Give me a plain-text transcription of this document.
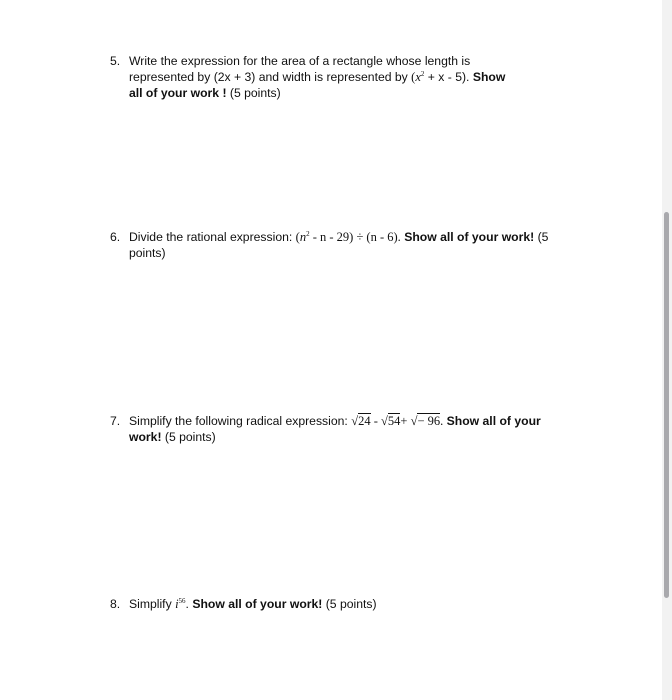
5. Write the expression for the area of a rectangle whose length is
represented by (2x + 3) and width is represented by $(x^2 + x - 5)$. Show
all of your work ! (5 points)
6. Divide the rational expression: $(n^2 - n - 29) \div (n - 6)$. Show all of your work! (5
points)
7. Simplify the following radical expression: √24 - √54+ √− 96. Show all of your
work! (5 points)
8. Simplify $i^{56}$. Show all of your work! (5 points)
